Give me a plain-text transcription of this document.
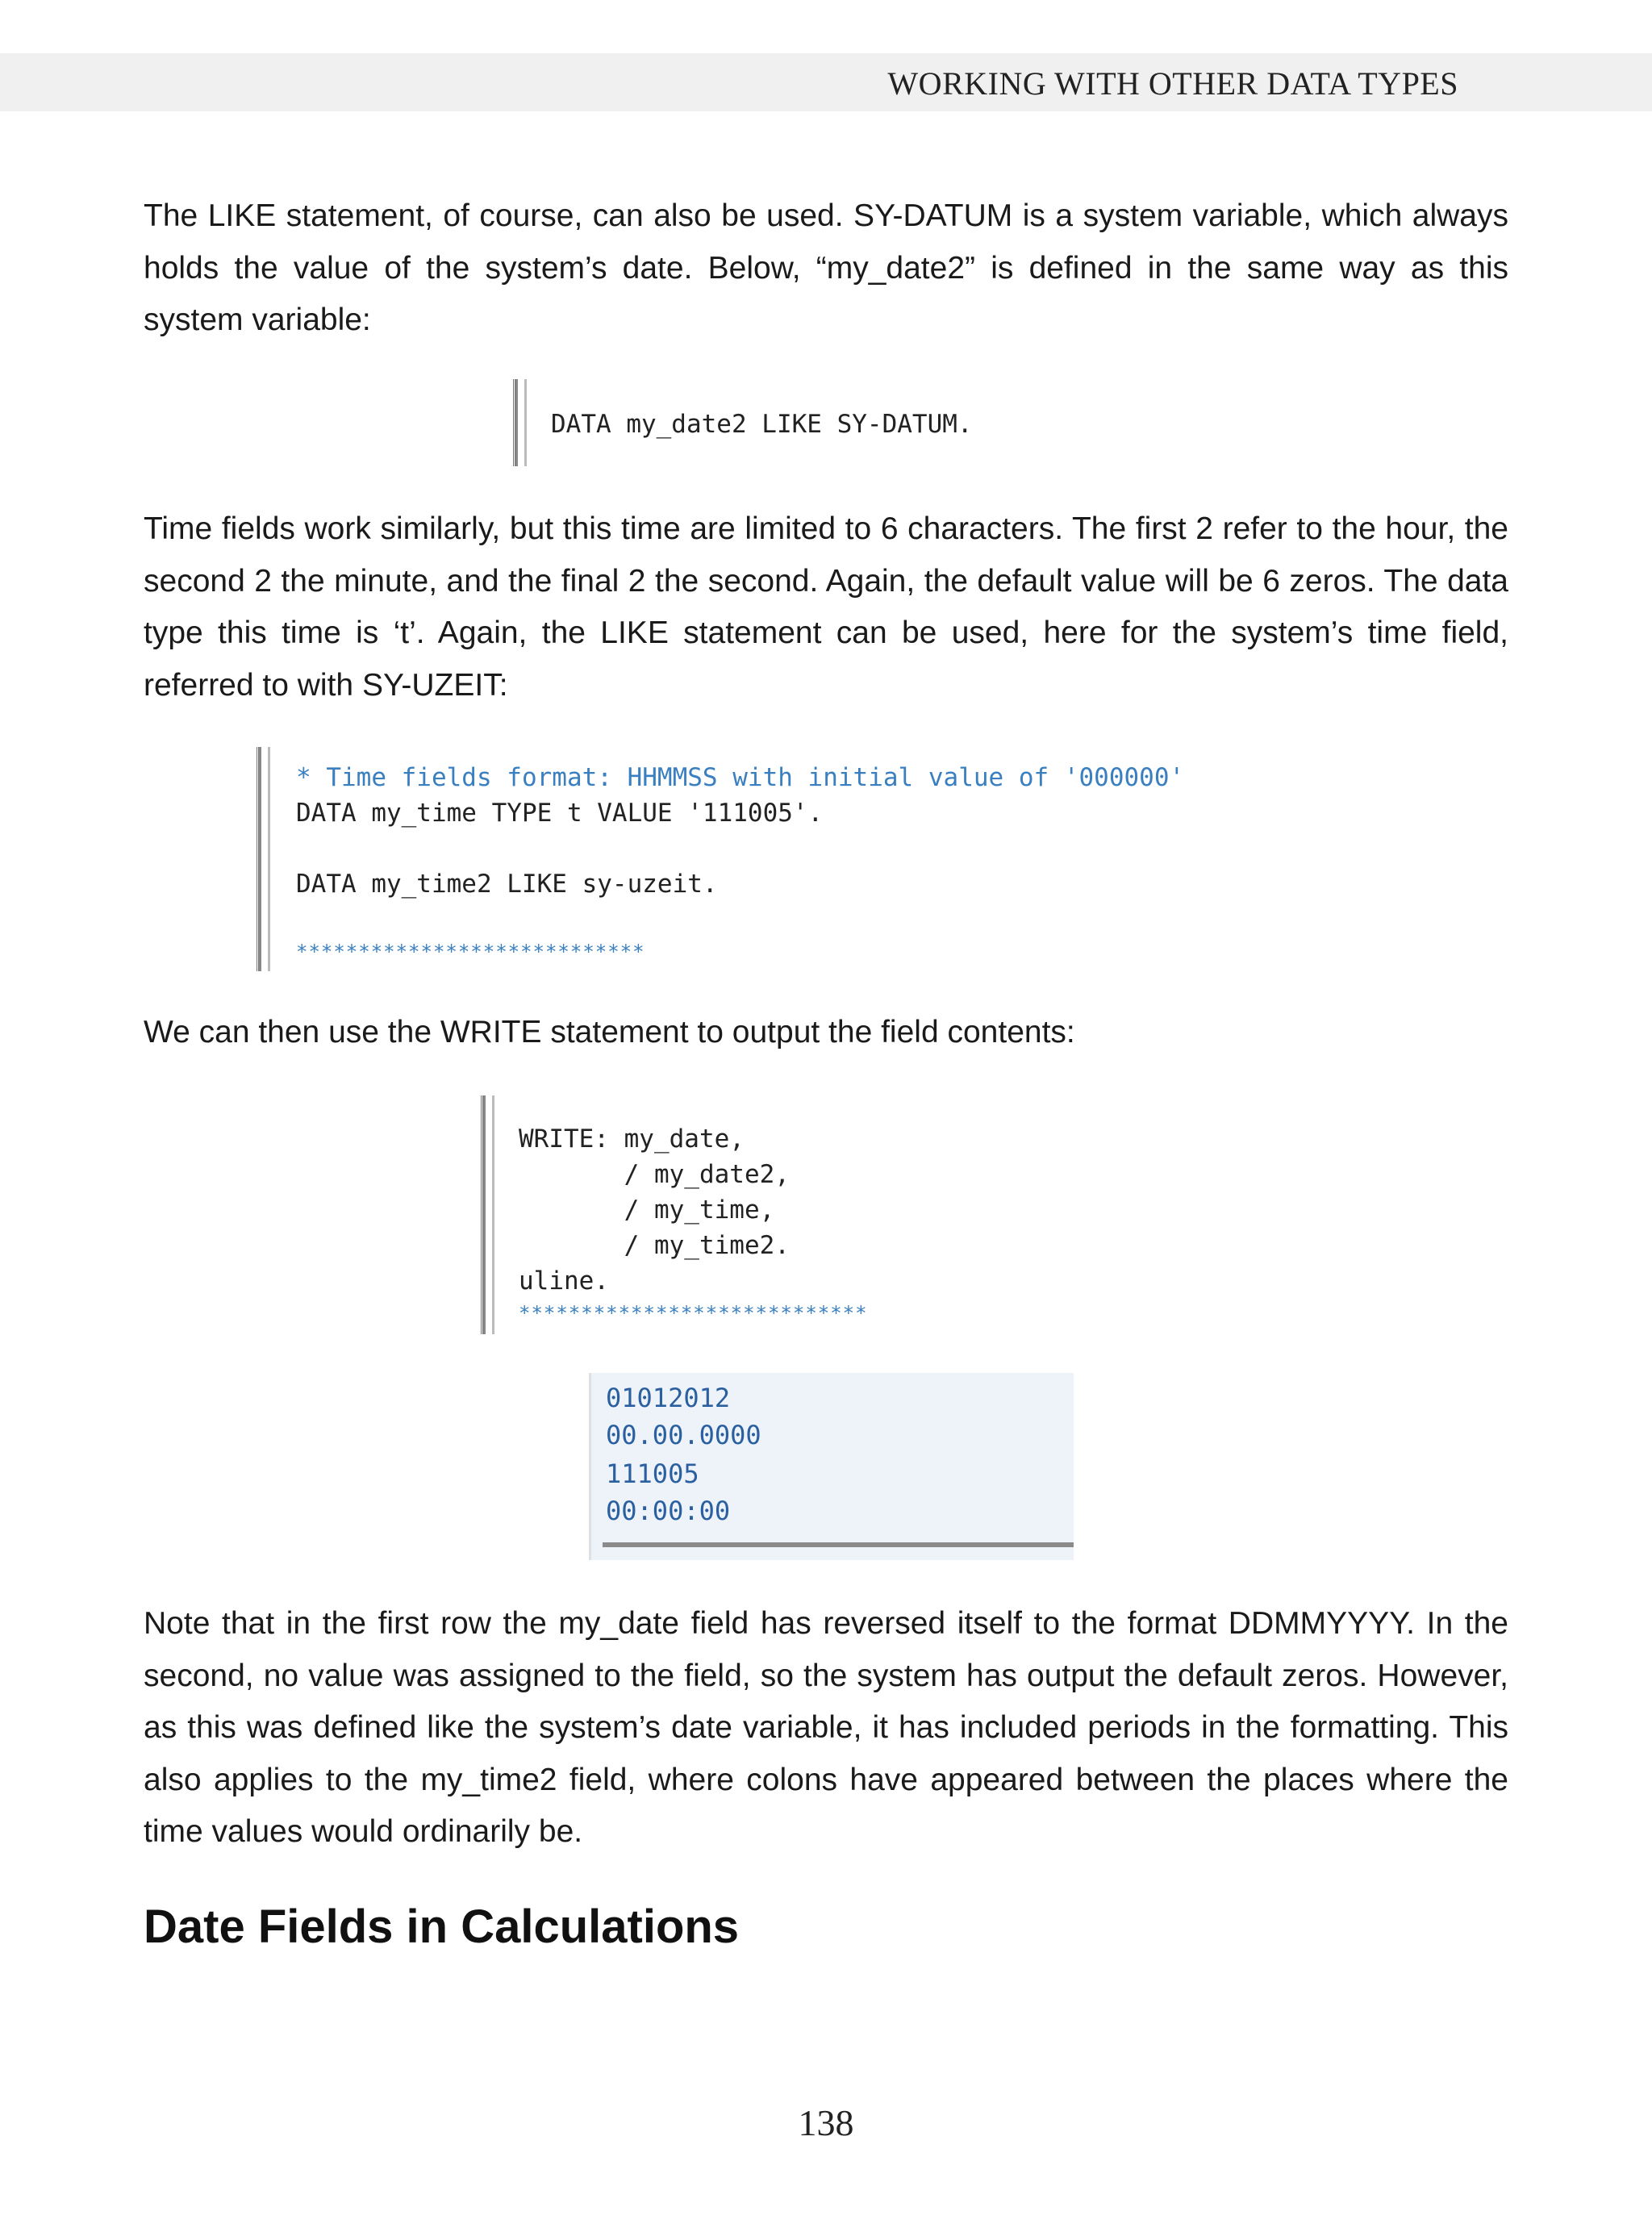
WORKING WITH OTHER DATA TYPES

The LIKE statement, of course, can also be used. SY-DATUM is a system variable, which always holds the value of the system’s date. Below, “my_date2” is defined in the same way as this system variable:

DATA my_date2 LIKE SY-DATUM.

Time fields work similarly, but this time are limited to 6 characters. The first 2 refer to the hour, the second 2 the minute, and the final 2 the second. Again, the default value will be 6 zeros. The data type this time is ‘t’. Again, the LIKE statement can be used, here for the system’s time field, referred to with SY-UZEIT:

* Time fields format: HHMMSS with initial value of '000000'
DATA my_time TYPE t VALUE '111005'.
DATA my_time2 LIKE sy-uzeit.
****************************

We can then use the WRITE statement to output the field contents:

WRITE: my_date,
/ my_date2,
/ my_time,
/ my_time2.
uline.
****************************
01012012
00.00.0000
111005
00:00:00

Note that in the first row the my_date field has reversed itself to the format DDMMYYYY. In the second, no value was assigned to the field, so the system has output the default zeros. However, as this was defined like the system’s date variable, it has included periods in the formatting. This also applies to the my_time2 field, where colons have appeared between the places where the time values would ordinarily be.

Date Fields in Calculations
138
